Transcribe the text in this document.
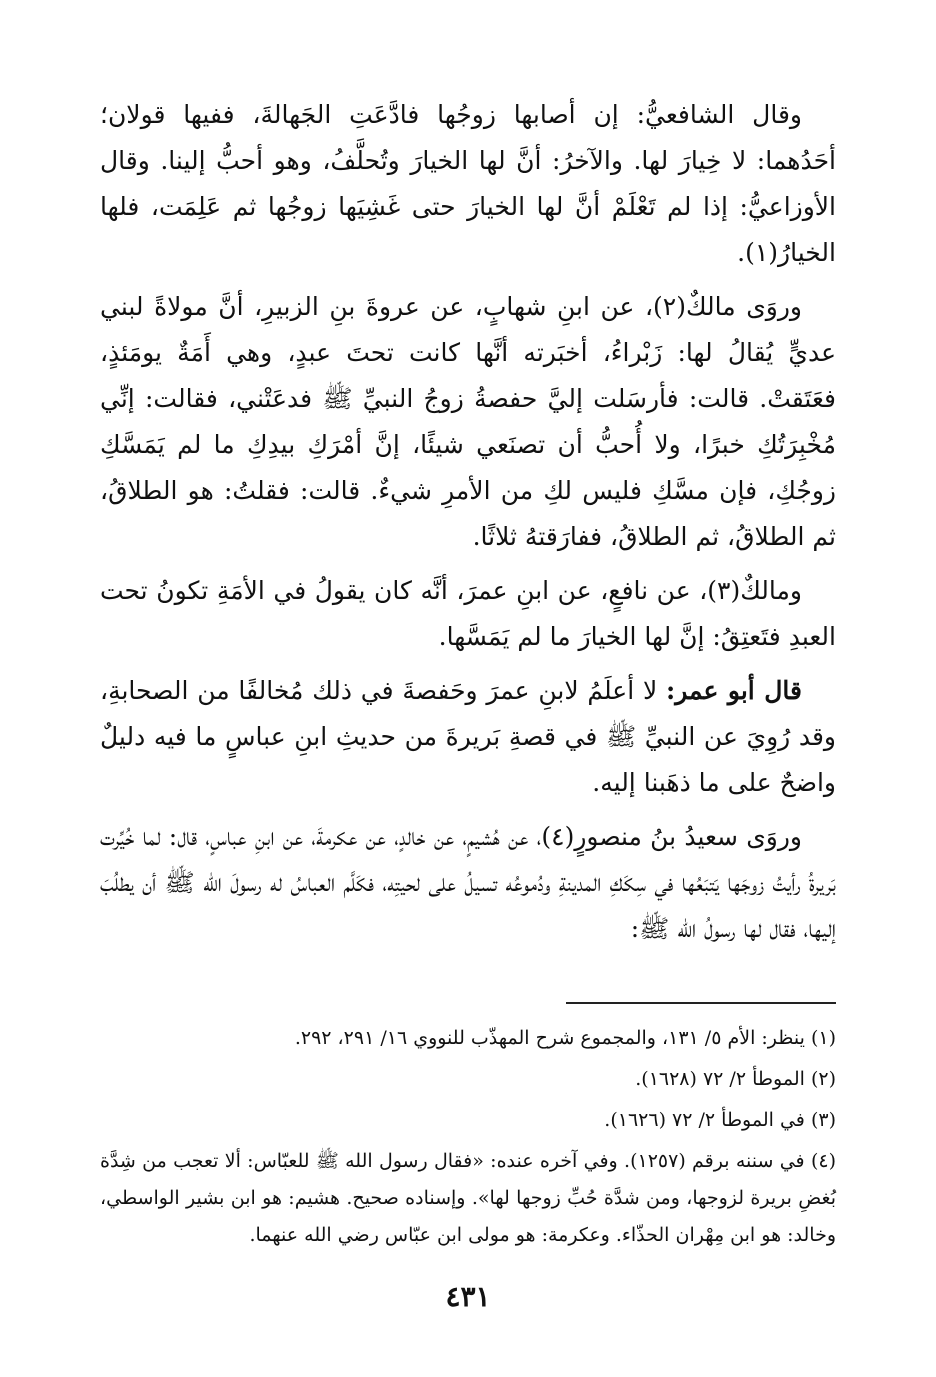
وقال الشافعيُّ: إن أصابها زوجُها فادَّعَتِ الجَهالةَ، ففيها قولان؛ أحَدُهما: لا خِيارَ لها. والآخرُ: أنَّ لها الخيارَ وتُحلَّفُ، وهو أحبُّ إلينا. وقال الأوزاعيُّ: إذا لم تَعْلَمْ أنَّ لها الخيارَ حتى غَشِيَها زوجُها ثم عَلِمَت، فلها الخيارُ(١).

وروَى مالكٌ(٢)، عن ابنِ شهابٍ، عن عروةَ بنِ الزبيرِ، أنَّ مولاةً لبني عديٍّ يُقالُ لها: زَبْراءُ، أخبَرته أنَّها كانت تحتَ عبدٍ، وهي أَمَةٌ يومَئذٍ، فعَتَقتْ. قالت: فأرسَلت إليَّ حفصةُ زوجُ النبيِّ ﷺ فدعَتْني، فقالت: إنِّي مُخْبِرَتُكِ خبرًا، ولا أُحبُّ أن تصنَعي شيئًا، إنَّ أمْرَكِ بيدِكِ ما لم يَمَسَّكِ زوجُكِ، فإن مسَّكِ فليس لكِ من الأمرِ شيءٌ. قالت: فقلتُ: هو الطلاقُ، ثم الطلاقُ، ثم الطلاقُ، ففارَقتهُ ثلاثًا.

ومالكٌ(٣)، عن نافعٍ، عن ابنِ عمرَ، أنَّه كان يقولُ في الأمَةِ تكونُ تحت العبدِ فتَعتِقُ: إنَّ لها الخيارَ ما لم يَمَسَّها.

قال أبو عمر: لا أعلَمُ لابنِ عمرَ وحَفصةَ في ذلك مُخالفًا من الصحابةِ، وقد رُوِيَ عن النبيِّ ﷺ في قصةِ بَريرةَ من حديثِ ابنِ عباسٍ ما فيه دليلٌ واضحٌ على ما ذهَبنا إليه.

وروَى سعيدُ بنُ منصورٍ(٤)، عن هُشيمٍ، عن خالدٍ، عن عكرمةَ، عن ابنِ عباسٍ، قال: لما خُيِّرت بَريرةُ رأيتُ زوجَها يَتبَعُها في سِكَكِ المدينةِ ودُموعُه تسيلُ على لحيتِه، فكَلَّم العباسُ له رسولَ الله ﷺ أن يطلُبَ إليها، فقال لها رسولُ الله ﷺ:

(١) ينظر: الأم ٥/ ١٣١، والمجموع شرح المهذّب للنووي ١٦/ ٢٩١، ٢٩٢.

(٢) الموطأ ٢/ ٧٢ (١٦٢٨).

(٣) في الموطأ ٢/ ٧٢ (١٦٢٦).

(٤) في سننه برقم (١٢٥٧). وفي آخره عنده: «فقال رسول الله ﷺ للعبّاس: ألا تعجب من شِدَّة بُغضِ بريرة لزوجها، ومن شدَّة حُبِّ زوجها لها». وإسناده صحيح. هشيم: هو ابن بشير الواسطي، وخالد: هو ابن مِهْران الحذّاء. وعكرمة: هو مولى ابن عبّاس رضي الله عنهما.

٤٣١
